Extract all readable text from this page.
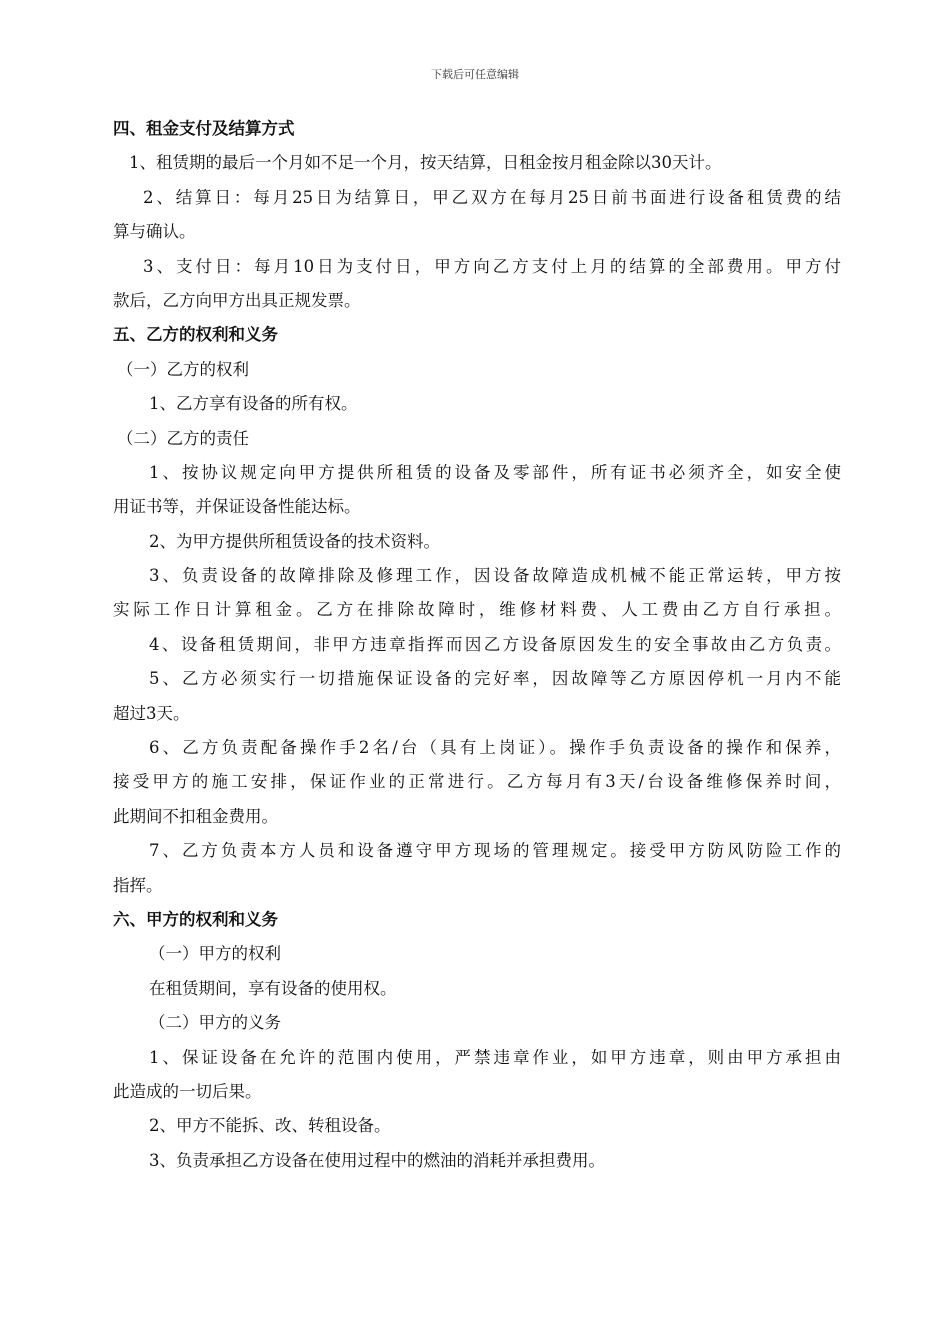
下载后可任意编辑
四、租金支付及结算方式
1、租赁期的最后一个月如不足一个月，按天结算，日租金按月租金除以30天计。
2、结算日：每月25日为结算日，甲乙双方在每月25日前书面进行设备租赁费的结
算与确认。
3、支付日：每月10日为支付日，甲方向乙方支付上月的结算的全部费用。甲方付
款后，乙方向甲方出具正规发票。
五、乙方的权利和义务
（一）乙方的权利
1、乙方享有设备的所有权。
（二）乙方的责任
1、按协议规定向甲方提供所租赁的设备及零部件，所有证书必须齐全，如安全使
用证书等，并保证设备性能达标。
2、为甲方提供所租赁设备的技术资料。
3、负责设备的故障排除及修理工作，因设备故障造成机械不能正常运转，甲方按
实际工作日计算租金。乙方在排除故障时，维修材料费、人工费由乙方自行承担。
4、设备租赁期间，非甲方违章指挥而因乙方设备原因发生的安全事故由乙方负责。
5、乙方必须实行一切措施保证设备的完好率，因故障等乙方原因停机一月内不能
超过3天。
6、乙方负责配备操作手2名/台（具有上岗证）。操作手负责设备的操作和保养，
接受甲方的施工安排，保证作业的正常进行。乙方每月有3天/台设备维修保养时间，
此期间不扣租金费用。
7、乙方负责本方人员和设备遵守甲方现场的管理规定。接受甲方防风防险工作的
指挥。
六、甲方的权利和义务
（一）甲方的权利
在租赁期间，享有设备的使用权。
（二）甲方的义务
1、保证设备在允许的范围内使用，严禁违章作业，如甲方违章，则由甲方承担由
此造成的一切后果。
2、甲方不能拆、改、转租设备。
3、负责承担乙方设备在使用过程中的燃油的消耗并承担费用。
